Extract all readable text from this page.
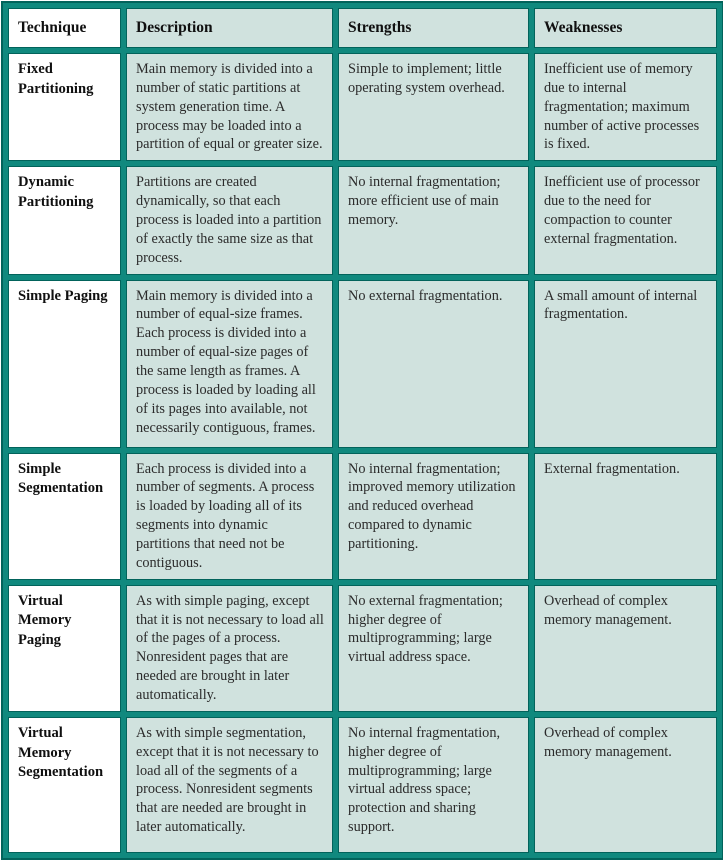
Technique	Description	Strengths	Weaknesses
Fixed Partitioning	Main memory is divided into a number of static partitions at system generation time. A process may be loaded into a partition of equal or greater size.	Simple to implement; little operating system overhead.	Inefficient use of memory due to internal fragmentation; maximum number of active processes is fixed.
Dynamic Partitioning	Partitions are created dynamically, so that each process is loaded into a partition of exactly the same size as that process.	No internal fragmentation; more efficient use of main memory.	Inefficient use of processor due to the need for compaction to counter external fragmentation.
Simple Paging	Main memory is divided into a number of equal-size frames. Each process is divided into a number of equal-size pages of the same length as frames. A process is loaded by loading all of its pages into available, not necessarily contiguous, frames.	No external fragmentation.	A small amount of internal fragmentation.
Simple Segmentation	Each process is divided into a number of segments. A process is loaded by loading all of its segments into dynamic partitions that need not be contiguous.	No internal fragmentation; improved memory utilization and reduced overhead compared to dynamic partitioning.	External fragmentation.
Virtual Memory Paging	As with simple paging, except that it is not necessary to load all of the pages of a process. Nonresident pages that are needed are brought in later automatically.	No external fragmentation; higher degree of multiprogramming; large virtual address space.	Overhead of complex memory management.
Virtual Memory Segmentation	As with simple segmentation, except that it is not necessary to load all of the segments of a process. Nonresident segments that are needed are brought in later automatically.	No internal fragmentation, higher degree of multiprogramming; large virtual address space; protection and sharing support.	Overhead of complex memory management.
